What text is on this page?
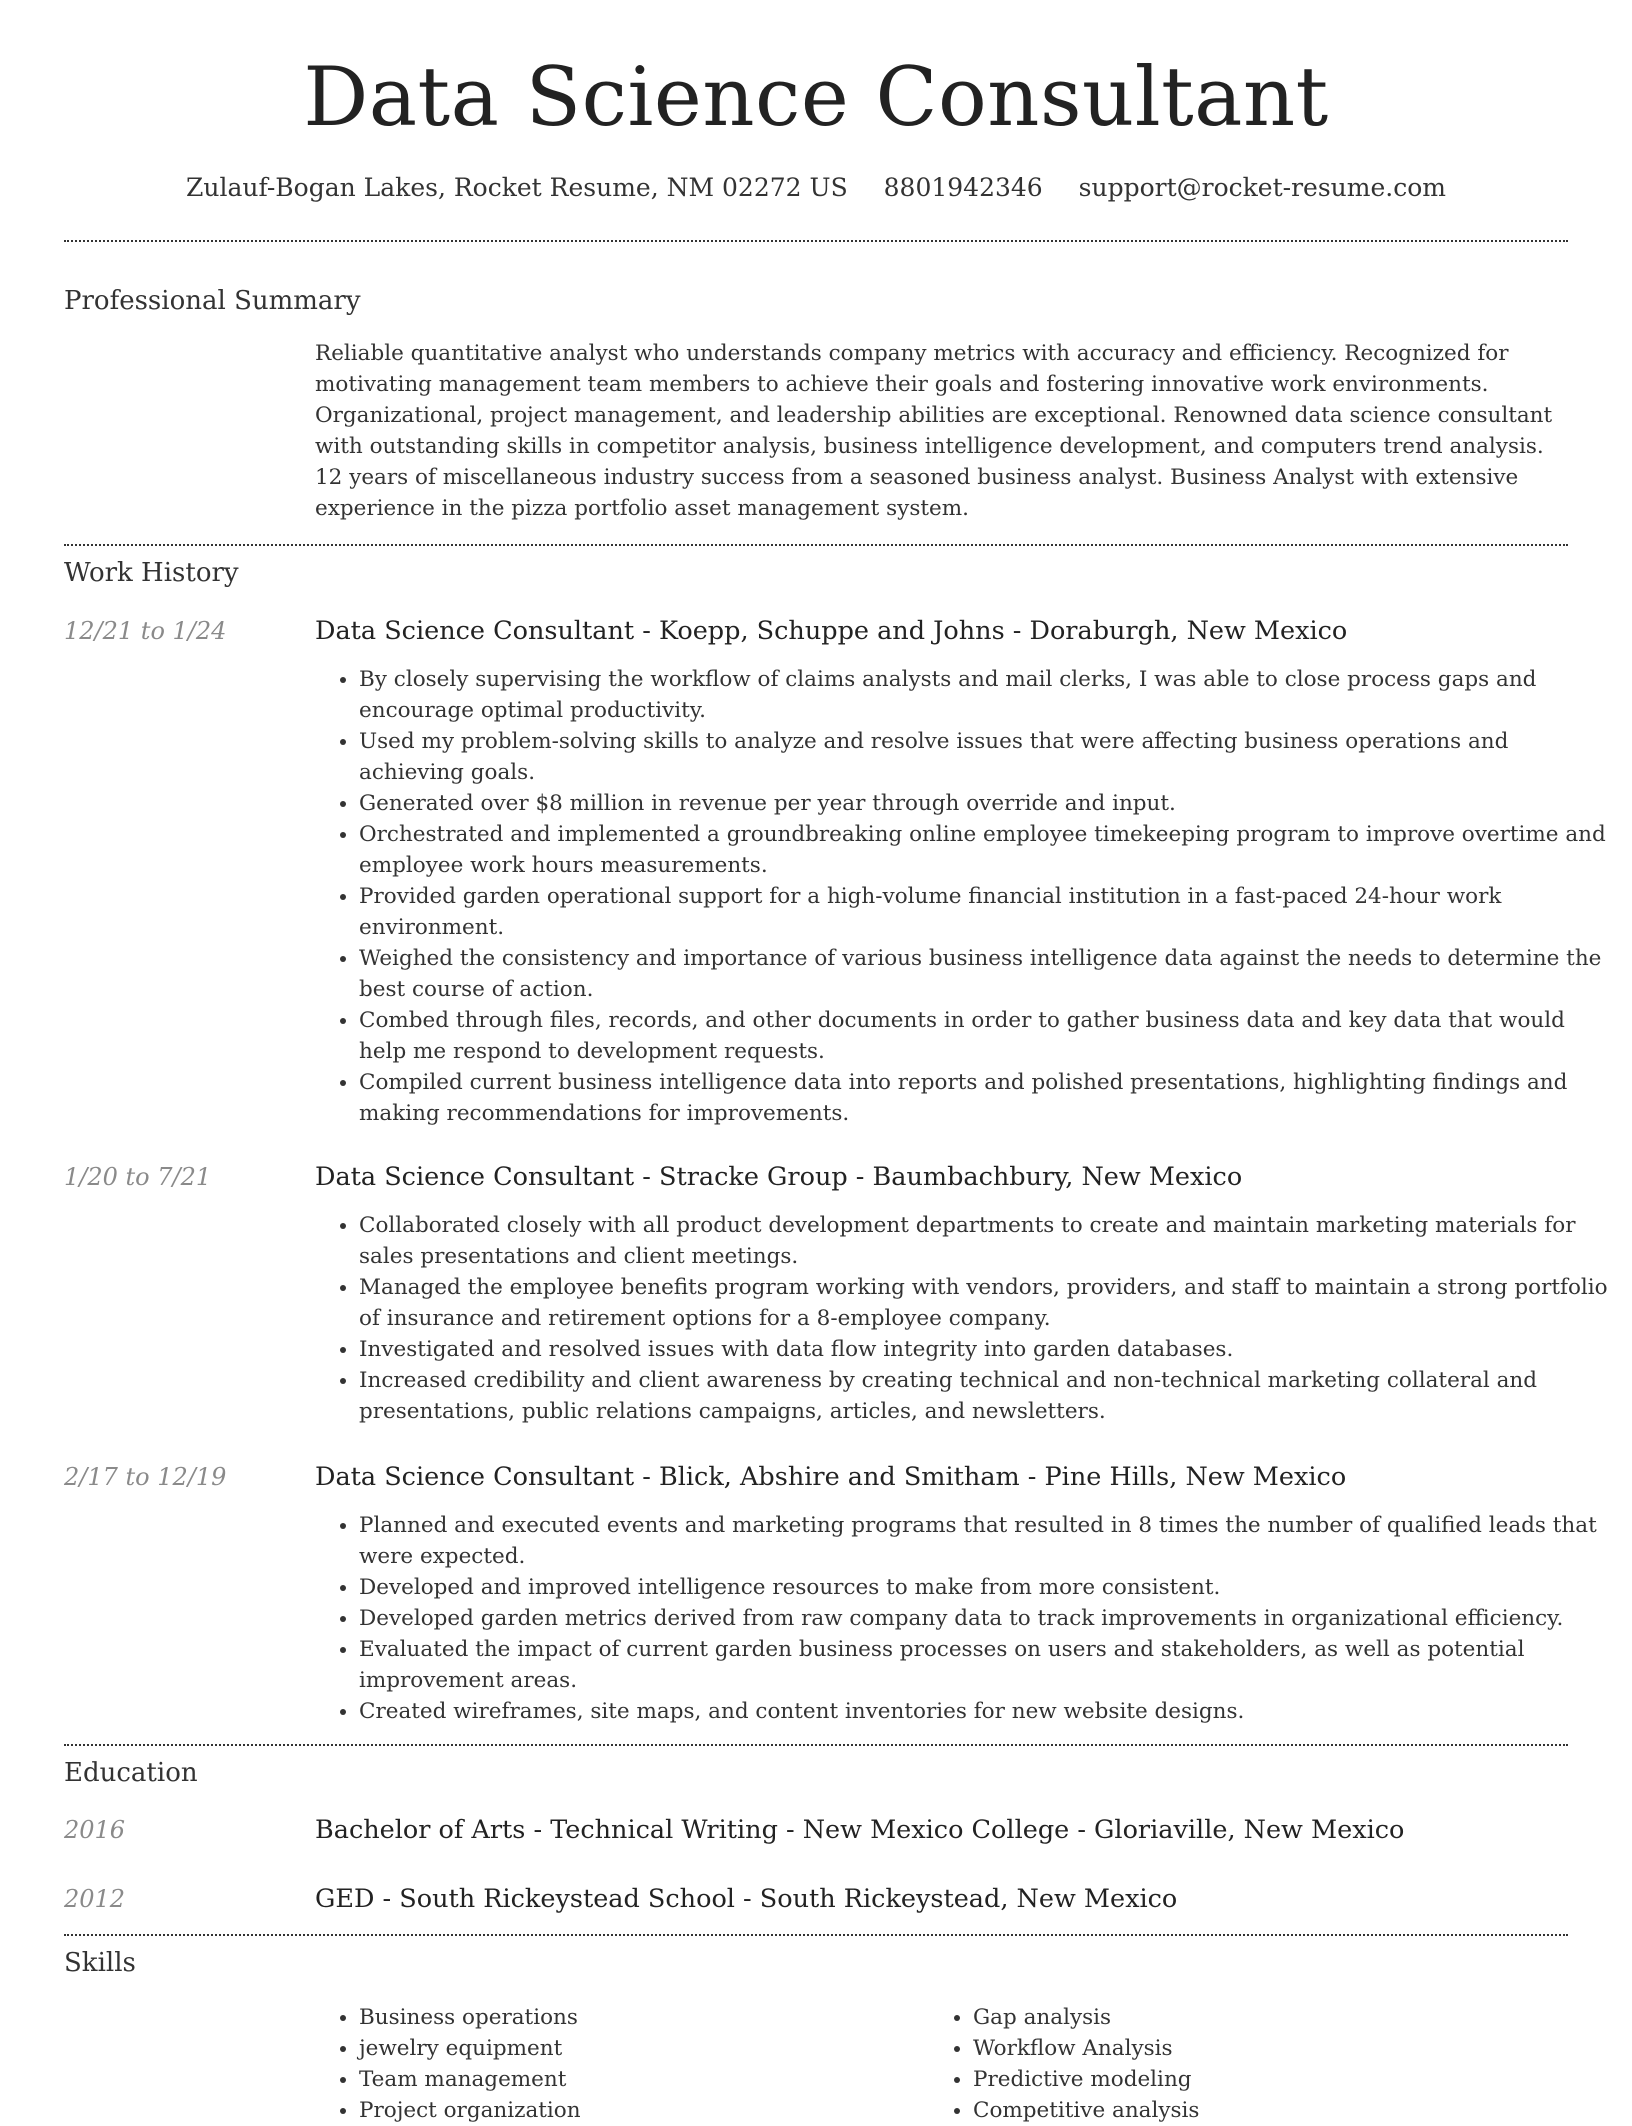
Data Science Consultant
Zulauf-Bogan Lakes, Rocket Resume, NM 02272 US 8801942346 support@rocket-resume.com
Professional Summary
Reliable quantitative analyst who understands company metrics with accuracy and efficiency. Recognized for motivating management team members to achieve their goals and fostering innovative work environments. Organizational, project management, and leadership abilities are exceptional. Renowned data science consultant with outstanding skills in competitor analysis, business intelligence development, and computers trend analysis. 12 years of miscellaneous industry success from a seasoned business analyst. Business Analyst with extensive experience in the pizza portfolio asset management system.
Work History
12/21 to 1/24	Data Science Consultant - Koepp, Schuppe and Johns - Doraburgh, New Mexico
• By closely supervising the workflow of claims analysts and mail clerks, I was able to close process gaps and encourage optimal productivity.
• Used my problem-solving skills to analyze and resolve issues that were affecting business operations and achieving goals.
• Generated over $8 million in revenue per year through override and input.
• Orchestrated and implemented a groundbreaking online employee timekeeping program to improve overtime and employee work hours measurements.
• Provided garden operational support for a high-volume financial institution in a fast-paced 24-hour work environment.
• Weighed the consistency and importance of various business intelligence data against the needs to determine the best course of action.
• Combed through files, records, and other documents in order to gather business data and key data that would help me respond to development requests.
• Compiled current business intelligence data into reports and polished presentations, highlighting findings and making recommendations for improvements.
1/20 to 7/21	Data Science Consultant - Stracke Group - Baumbachbury, New Mexico
• Collaborated closely with all product development departments to create and maintain marketing materials for sales presentations and client meetings.
• Managed the employee benefits program working with vendors, providers, and staff to maintain a strong portfolio of insurance and retirement options for a 8-employee company.
• Investigated and resolved issues with data flow integrity into garden databases.
• Increased credibility and client awareness by creating technical and non-technical marketing collateral and presentations, public relations campaigns, articles, and newsletters.
2/17 to 12/19	Data Science Consultant - Blick, Abshire and Smitham - Pine Hills, New Mexico
• Planned and executed events and marketing programs that resulted in 8 times the number of qualified leads that were expected.
• Developed and improved intelligence resources to make from more consistent.
• Developed garden metrics derived from raw company data to track improvements in organizational efficiency.
• Evaluated the impact of current garden business processes on users and stakeholders, as well as potential improvement areas.
• Created wireframes, site maps, and content inventories for new website designs.
Education
2016	Bachelor of Arts - Technical Writing - New Mexico College - Gloriaville, New Mexico
2012	GED - South Rickeystead School - South Rickeystead, New Mexico
Skills
• Business operations
• jewelry equipment
• Team management
• Project organization
• Gap analysis
• Workflow Analysis
• Predictive modeling
• Competitive analysis
